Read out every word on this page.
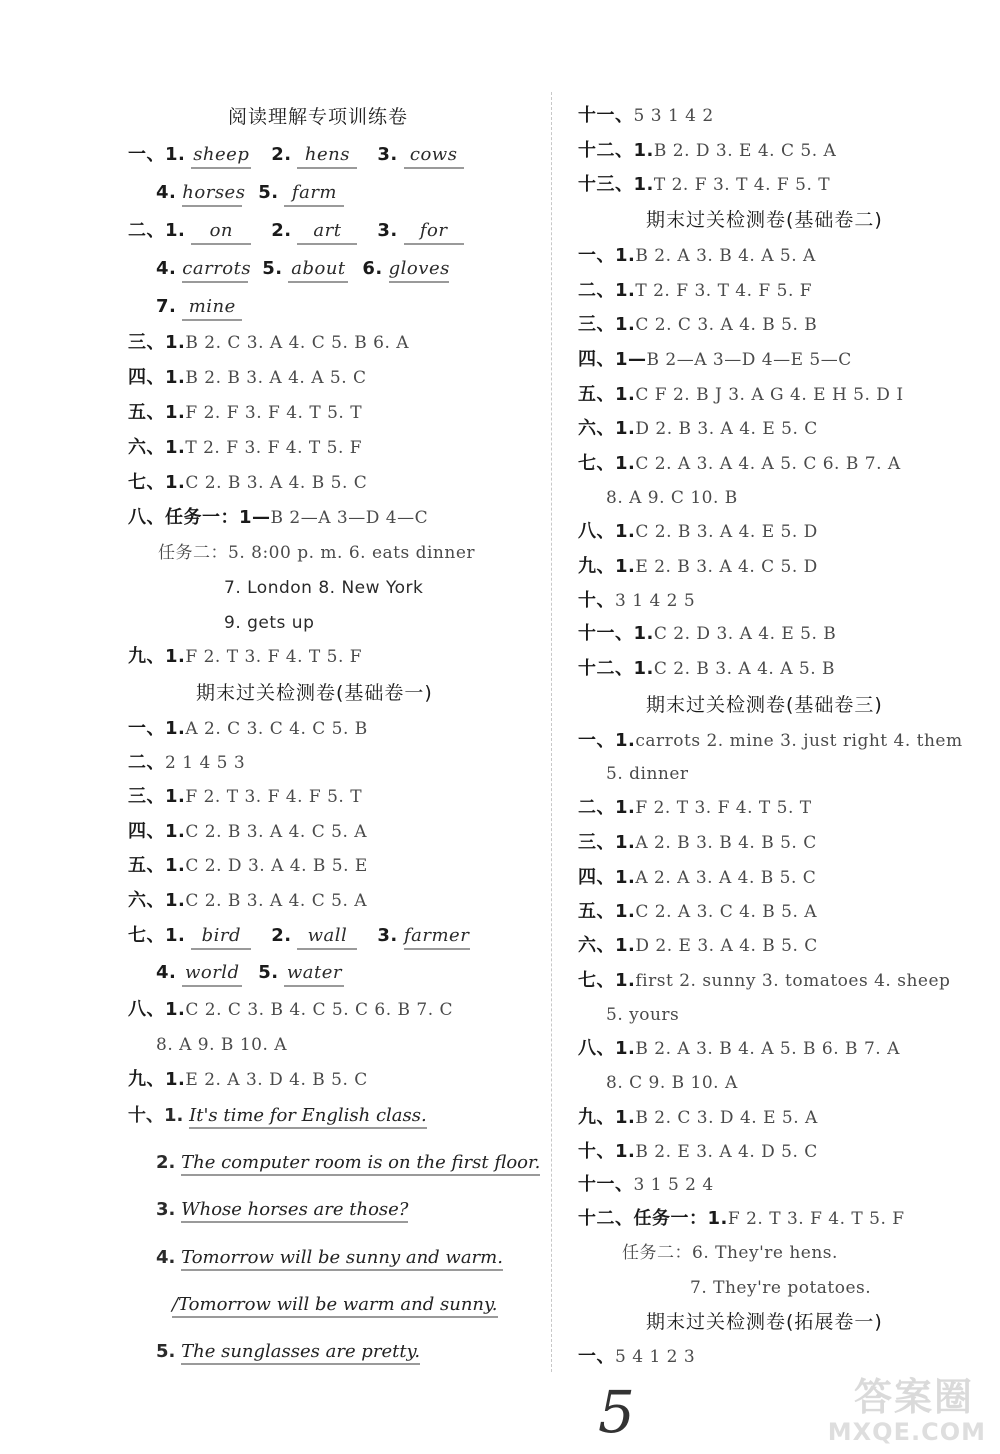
阅读理解专项训练卷
一、1. sheep 2. hens 3. cows
4. horses 5. farm
二、1. on 2. art 3. for
4. carrots 5. about 6. gloves
7. mine
三、1.B 2. C 3. A 4. C 5. B 6. A
四、1.B 2. B 3. A 4. A 5. C
五、1.F 2. F 3. F 4. T 5. T
六、1.T 2. F 3. F 4. T 5. F
七、1.C 2. B 3. A 4. B 5. C
八、任务一：1—B 2—A 3—D 4—C
任务二：5. 8:00 p. m. 6. eats dinner
7. London 8. New York
9. gets up
九、1.F 2. T 3. F 4. T 5. F
期末过关检测卷(基础卷一)
一、1.A 2. C 3. C 4. C 5. B
二、2 1 4 5 3
三、1.F 2. T 3. F 4. F 5. T
四、1.C 2. B 3. A 4. C 5. A
五、1.C 2. D 3. A 4. B 5. E
六、1.C 2. B 3. A 4. C 5. A
七、1. bird 2. wall 3. farmer
4. world 5. water
八、1.C 2. C 3. B 4. C 5. C 6. B 7. C
8. A 9. B 10. A
九、1.E 2. A 3. D 4. B 5. C
十、1. It's time for English class.
2. The computer room is on the first floor.
3. Whose horses are those?
4. Tomorrow will be sunny and warm.
/Tomorrow will be warm and sunny.
5. The sunglasses are pretty.
十一、5 3 1 4 2
十二、1.B 2. D 3. E 4. C 5. A
十三、1.T 2. F 3. T 4. F 5. T
期末过关检测卷(基础卷二)
一、1.B 2. A 3. B 4. A 5. A
二、1.T 2. F 3. T 4. F 5. F
三、1.C 2. C 3. A 4. B 5. B
四、1—B 2—A 3—D 4—E 5—C
五、1.C F 2. B J 3. A G 4. E H 5. D I
六、1.D 2. B 3. A 4. E 5. C
七、1.C 2. A 3. A 4. A 5. C 6. B 7. A
8. A 9. C 10. B
八、1.C 2. B 3. A 4. E 5. D
九、1.E 2. B 3. A 4. C 5. D
十、3 1 4 2 5
十一、1.C 2. D 3. A 4. E 5. B
十二、1.C 2. B 3. A 4. A 5. B
期末过关检测卷(基础卷三)
一、1.carrots 2. mine 3. just right 4. them
5. dinner
二、1.F 2. T 3. F 4. T 5. T
三、1.A 2. B 3. B 4. B 5. C
四、1.A 2. A 3. A 4. B 5. C
五、1.C 2. A 3. C 4. B 5. A
六、1.D 2. E 3. A 4. B 5. C
七、1.first 2. sunny 3. tomatoes 4. sheep
5. yours
八、1.B 2. A 3. B 4. A 5. B 6. B 7. A
8. C 9. B 10. A
九、1.B 2. C 3. D 4. E 5. A
十、1.B 2. E 3. A 4. D 5. C
十一、3 1 5 2 4
十二、任务一：1.F 2. T 3. F 4. T 5. F
任务二：6. They're hens.
7. They're potatoes.
期末过关检测卷(拓展卷一)
一、5 4 1 2 3
5	答案圈
MXQE.COM
